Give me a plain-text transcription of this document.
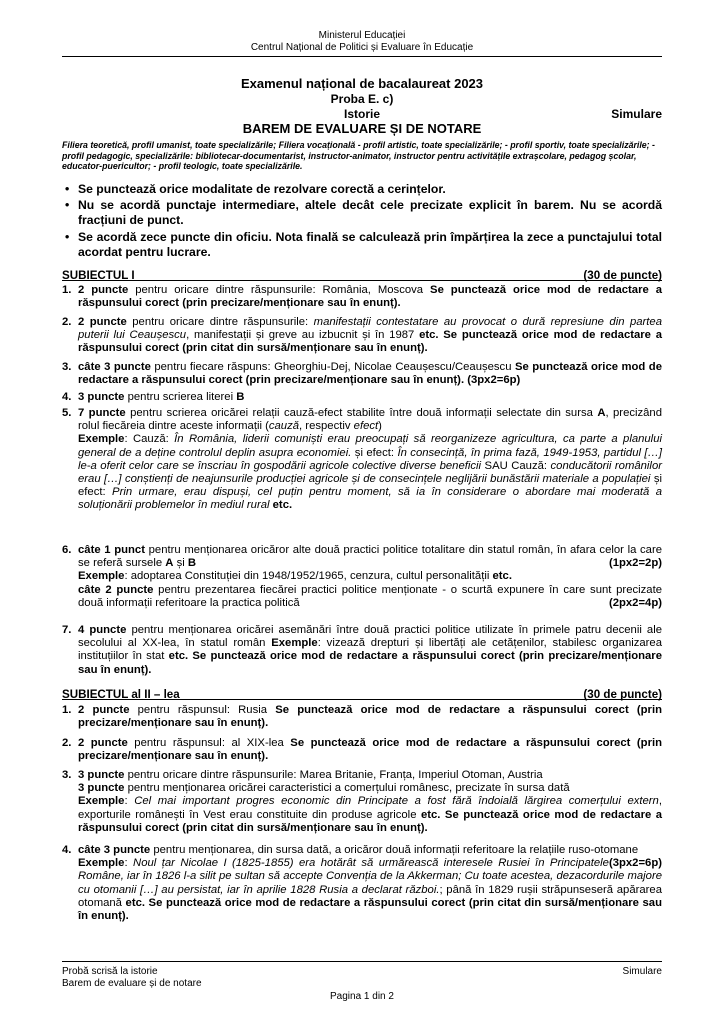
Ministerul Educației
Centrul Național de Politici și Evaluare în Educație
Examenul național de bacalaureat 2023
Proba E. c)
Istorie	Simulare
BAREM DE EVALUARE ȘI DE NOTARE
Filiera teoretică, profil umanist, toate specializările; Filiera vocațională - profil artistic, toate specializările; - profil sportiv, toate specializările; - profil pedagogic, specializările: bibliotecar-documentarist, instructor-animator, instructor pentru activitățile extrașcolare, pedagog școlar, educator-puericultor; - profil teologic, toate specializările.
• Se punctează orice modalitate de rezolvare corectă a cerințelor.
• Nu se acordă punctaje intermediare, altele decât cele precizate explicit în barem. Nu se acordă fracțiuni de punct.
• Se acordă zece puncte din oficiu. Nota finală se calculează prin împărțirea la zece a punctajului total acordat pentru lucrare.
SUBIECTUL I	(30 de puncte)
1. 2 puncte pentru oricare dintre răspunsurile: România, Moscova Se punctează orice mod de redactare a răspunsului corect (prin precizare/menționare sau în enunț).
2. 2 puncte pentru oricare dintre răspunsurile: manifestații contestatare au provocat o dură represiune din partea puterii lui Ceaușescu, manifestații și greve au izbucnit și în 1987 etc. Se punctează orice mod de redactare a răspunsului corect (prin citat din sursă/menționare sau în enunț).
3. câte 3 puncte pentru fiecare răspuns: Gheorghiu-Dej, Nicolae Ceaușescu/Ceaușescu Se punctează orice mod de redactare a răspunsului corect (prin precizare/menționare sau în enunț). (3px2=6p)
4. 3 puncte pentru scrierea literei B
5. 7 puncte pentru scrierea oricărei relații cauză-efect stabilite între două informații selectate din sursa A, precizând rolul fiecăreia dintre aceste informații (cauză, respectiv efect)
Exemple: Cauză: În România, liderii comuniști erau preocupați să reorganizeze agricultura, ca parte a planului general de a deține controlul deplin asupra economiei. și efect: În consecință, în prima fază, 1949-1953, partidul […] le-a oferit celor care se înscriau în gospodării agricole colective diverse beneficii SAU Cauză: conducătorii românilor erau […] conștienți de neajunsurile producției agricole și de consecințele neglijării bunăstării materiale a populației și efect: Prin urmare, erau dispuși, cel puțin pentru moment, să ia în considerare o abordare mai moderată a soluționării problemelor în mediul rural etc.
6. câte 1 punct pentru menționarea oricăror alte două practici politice totalitare din statul român, în afara celor la care se referă sursele A și B	(1px2=2p)

Exemple: adoptarea Constituției din 1948/1952/1965, cenzura, cultul personalității etc.
câte 2 puncte pentru prezentarea fiecărei practici politice menționate - o scurtă expunere în care sunt precizate două informații referitoare la practica politică	(2px2=4p)
7. 4 puncte pentru menționarea oricărei asemănări între două practici politice utilizate în primele patru decenii ale secolului al XX-lea, în statul român Exemple: vizează drepturi și libertăți ale cetățenilor, stabilesc organizarea instituțiilor în stat etc. Se punctează orice mod de redactare a răspunsului corect (prin precizare/menționare sau în enunț).
SUBIECTUL al II – lea	(30 de puncte)
1. 2 puncte pentru răspunsul: Rusia Se punctează orice mod de redactare a răspunsului corect (prin precizare/menționare sau în enunț).
2. 2 puncte pentru răspunsul: al XIX-lea Se punctează orice mod de redactare a răspunsului corect (prin precizare/menționare sau în enunț).
3. 3 puncte pentru oricare dintre răspunsurile: Marea Britanie, Franța, Imperiul Otoman, Austria
3 puncte pentru menționarea oricărei caracteristici a comerțului românesc, precizate în sursa dată
Exemple: Cel mai important progres economic din Principate a fost fără îndoială lărgirea comerțului extern, exporturile românești în Vest erau constituite din produse agricole etc. Se punctează orice mod de redactare a răspunsului corect (prin citat din sursă/menționare sau în enunț).
4. câte 3 puncte pentru menționarea, din sursa dată, a oricăror două informații referitoare la relațiile ruso-otomane
(3px2=6p)

Exemple: Noul țar Nicolae I (1825-1855) era hotărât să urmărească interesele Rusiei în Principatele Române, iar în 1826 l-a silit pe sultan să accepte Convenția de la Akkerman; Cu toate acestea, dezacordurile majore cu otomanii […] au persistat, iar în aprilie 1828 Rusia a declarat război.; până în 1829 rușii străpunseseră apărarea otomană etc. Se punctează orice mod de redactare a răspunsului corect (prin citat din sursă/menționare sau în enunț).
Probă scrisă la istorie	Simulare
Barem de evaluare și de notare
Pagina 1 din 2
